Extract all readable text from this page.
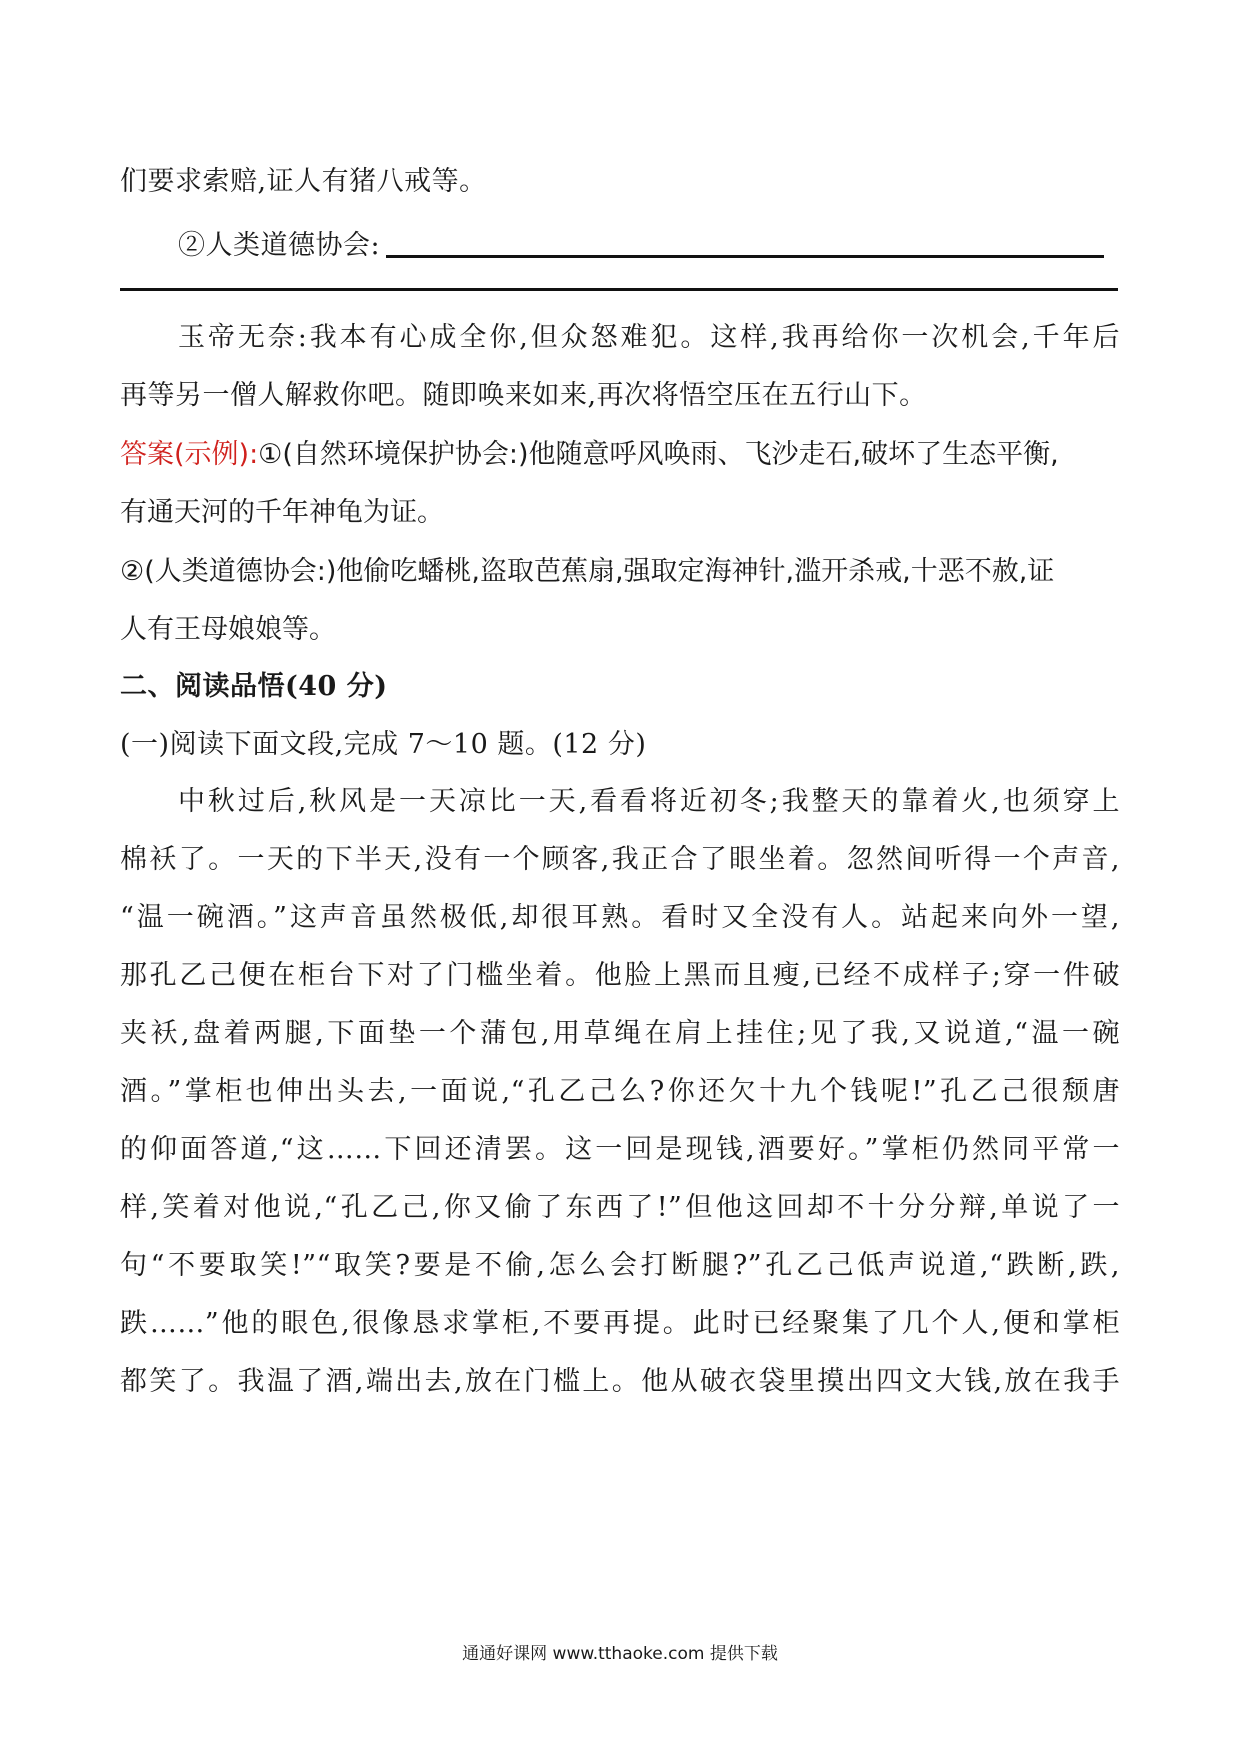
们要求索赔,证人有猪八戒等。
②人类道德协会:
玉帝无奈:我本有心成全你,但众怒难犯。这样,我再给你一次机会,千年后
再等另一僧人解救你吧。随即唤来如来,再次将悟空压在五行山下。
答案(示例):①(自然环境保护协会:)他随意呼风唤雨、飞沙走石,破坏了生态平衡,
有通天河的千年神龟为证。
②(人类道德协会:)他偷吃蟠桃,盗取芭蕉扇,强取定海神针,滥开杀戒,十恶不赦,证
人有王母娘娘等。
二、阅读品悟(40 分)
(一)阅读下面文段,完成 7～10 题。(12 分)
中秋过后,秋风是一天凉比一天,看看将近初冬;我整天的靠着火,也须穿上
棉袄了。一天的下半天,没有一个顾客,我正合了眼坐着。忽然间听得一个声音,
“温一碗酒。”这声音虽然极低,却很耳熟。看时又全没有人。站起来向外一望,
那孔乙己便在柜台下对了门槛坐着。他脸上黑而且瘦,已经不成样子;穿一件破
夹袄,盘着两腿,下面垫一个蒲包,用草绳在肩上挂住;见了我,又说道,“温一碗
酒。”掌柜也伸出头去,一面说,“孔乙己么?你还欠十九个钱呢!”孔乙己很颓唐
的仰面答道,“这……下回还清罢。这一回是现钱,酒要好。”掌柜仍然同平常一
样,笑着对他说,“孔乙己,你又偷了东西了!”但他这回却不十分分辩,单说了一
句“不要取笑!”“取笑?要是不偷,怎么会打断腿?”孔乙己低声说道,“跌断,跌,
跌……”他的眼色,很像恳求掌柜,不要再提。此时已经聚集了几个人,便和掌柜
都笑了。我温了酒,端出去,放在门槛上。他从破衣袋里摸出四文大钱,放在我手
通通好课网 www.tthaoke.com 提供下载
